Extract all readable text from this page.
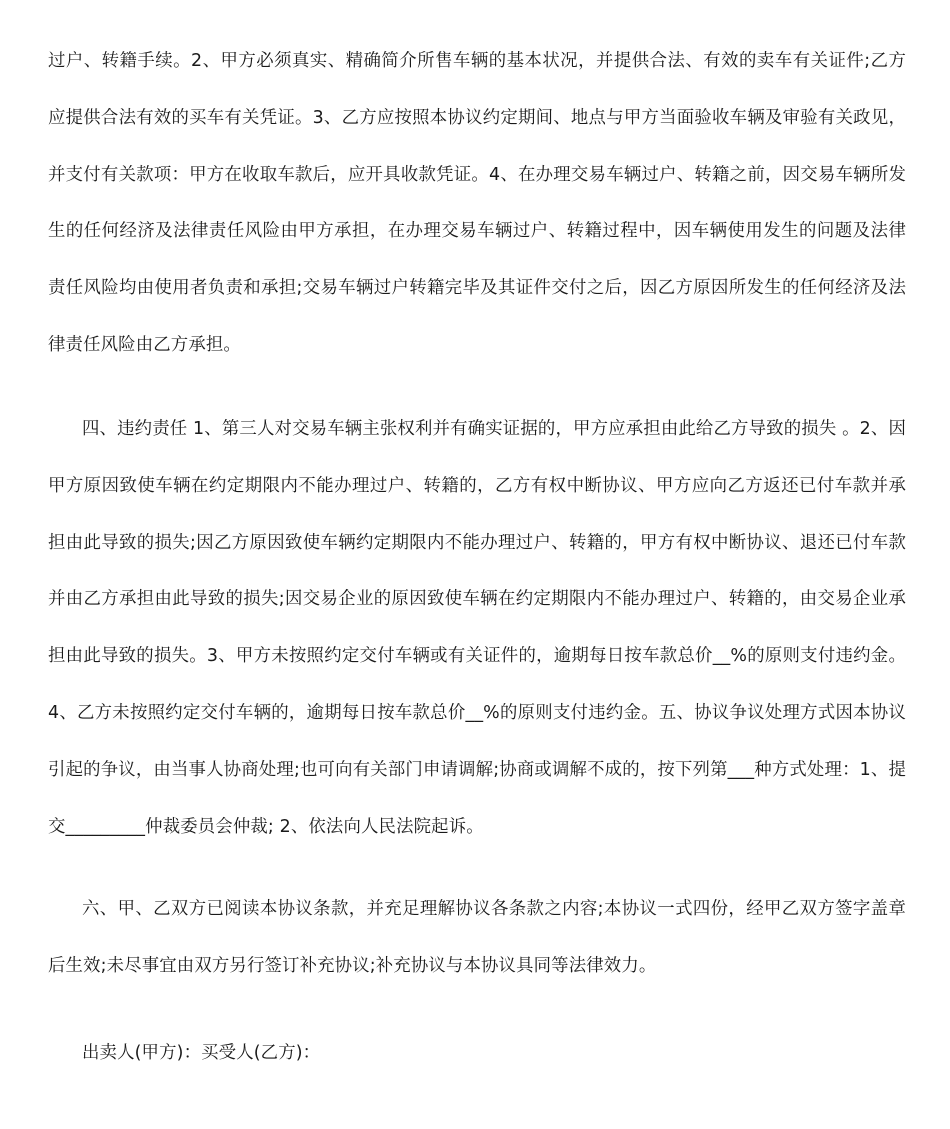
过户、转籍手续。2、甲方必须真实、精确简介所售车辆的基本状况，并提供合法、有效的卖车有关证件;乙方应提供合法有效的买车有关凭证。3、乙方应按照本协议约定期间、地点与甲方当面验收车辆及审验有关政见，并支付有关款项：甲方在收取车款后，应开具收款凭证。4、在办理交易车辆过户、转籍之前，因交易车辆所发生的任何经济及法律责任风险由甲方承担，在办理交易车辆过户、转籍过程中，因车辆使用发生的问题及法律责任风险均由使用者负责和承担;交易车辆过户转籍完毕及其证件交付之后，因乙方原因所发生的任何经济及法律责任风险由乙方承担。

四、违约责任 1、第三人对交易车辆主张权利并有确实证据的，甲方应承担由此给乙方导致的损失 。2、因甲方原因致使车辆在约定期限内不能办理过户、转籍的，乙方有权中断协议、甲方应向乙方返还已付车款并承担由此导致的损失;因乙方原因致使车辆约定期限内不能办理过户、转籍的，甲方有权中断协议、退还已付车款并由乙方承担由此导致的损失;因交易企业的原因致使车辆在约定期限内不能办理过户、转籍的，由交易企业承担由此导致的损失。3、甲方未按照约定交付车辆或有关证件的，逾期每日按车款总价__%的原则支付违约金。4、乙方未按照约定交付车辆的，逾期每日按车款总价__%的原则支付违约金。五、协议争议处理方式因本协议引起的争议，由当事人协商处理;也可向有关部门申请调解;协商或调解不成的，按下列第___种方式处理：1、提交_________仲裁委员会仲裁; 2、依法向人民法院起诉。

六、甲、乙双方已阅读本协议条款，并充足理解协议各条款之内容;本协议一式四份，经甲乙双方签字盖章后生效;未尽事宜由双方另行签订补充协议;补充协议与本协议具同等法律效力。

出卖人(甲方)：买受人(乙方)：
